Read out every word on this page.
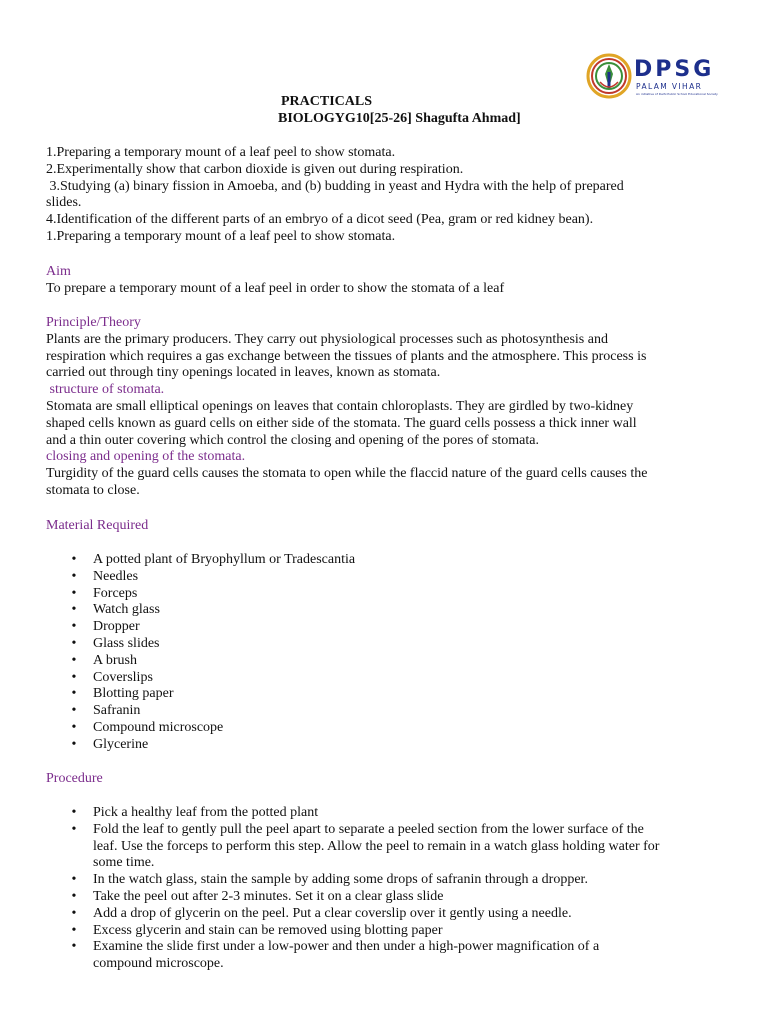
DPSG
PALAM VIHAR
An initiative of Delhi Public School Educational Society
PRACTICALS
BIOLOGYG10[25-26] Shagufta Ahmad]
1.Preparing a temporary mount of a leaf peel to show stomata.
2.Experimentally show that carbon dioxide is given out during respiration.
3.Studying (a) binary fission in Amoeba, and (b) budding in yeast and Hydra with the help of prepared
slides.
4.Identification of the different parts of an embryo of a dicot seed (Pea, gram or red kidney bean).
1.Preparing a temporary mount of a leaf peel to show stomata.
Aim
To prepare a temporary mount of a leaf peel in order to show the stomata of a leaf
Principle/Theory
Plants are the primary producers. They carry out physiological processes such as photosynthesis and
respiration which requires a gas exchange between the tissues of plants and the atmosphere. This process is
carried out through tiny openings located in leaves, known as stomata.
structure of stomata.
Stomata are small elliptical openings on leaves that contain chloroplasts. They are girdled by two-kidney
shaped cells known as guard cells on either side of the stomata. The guard cells possess a thick inner wall
and a thin outer covering which control the closing and opening of the pores of stomata.
closing and opening of the stomata.
Turgidity of the guard cells causes the stomata to open while the flaccid nature of the guard cells causes the
stomata to close.
Material Required
• A potted plant of Bryophyllum or Tradescantia
• Needles
• Forceps
• Watch glass
• Dropper
• Glass slides
• A brush
• Coverslips
• Blotting paper
• Safranin
• Compound microscope
• Glycerine
Procedure
• Pick a healthy leaf from the potted plant
• Fold the leaf to gently pull the peel apart to separate a peeled section from the lower surface of the
leaf. Use the forceps to perform this step. Allow the peel to remain in a watch glass holding water for
some time.
• In the watch glass, stain the sample by adding some drops of safranin through a dropper.
• Take the peel out after 2-3 minutes. Set it on a clear glass slide
• Add a drop of glycerin on the peel. Put a clear coverslip over it gently using a needle.
• Excess glycerin and stain can be removed using blotting paper
• Examine the slide first under a low-power and then under a high-power magnification of a
compound microscope.
